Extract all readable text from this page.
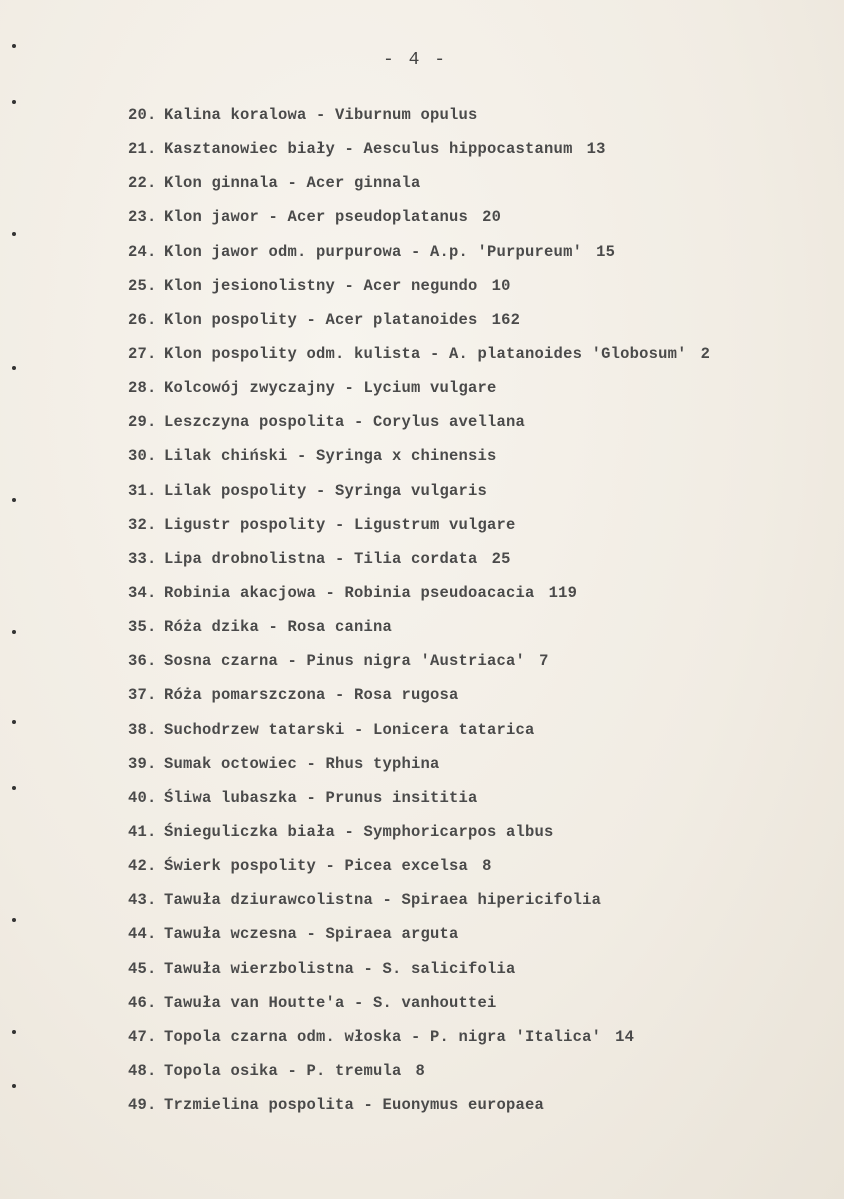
- 4 -
20. Kalina koralowa - Viburnum opulus
21. Kasztanowiec biały - Aesculus hippocastanum 13
22. Klon ginnala - Acer ginnala
23. Klon jawor - Acer pseudoplatanus 20
24. Klon jawor odm. purpurowa - A.p. 'Purpureum' 15
25. Klon jesionolistny - Acer negundo 10
26. Klon pospolity - Acer platanoides 162
27. Klon pospolity odm. kulista - A. platanoides 'Globosum' 2
28. Kolcowój zwyczajny - Lycium vulgare
29. Leszczyna pospolita - Corylus avellana
30. Lilak chiński - Syringa x chinensis
31. Lilak pospolity - Syringa vulgaris
32. Ligustr pospolity - Ligustrum vulgare
33. Lipa drobnolistna - Tilia cordata 25
34. Robinia akacjowa - Robinia pseudoacacia 119
35. Róża dzika - Rosa canina
36. Sosna czarna - Pinus nigra 'Austriaca' 7
37. Róża pomarszczona - Rosa rugosa
38. Suchodrzew tatarski - Lonicera tatarica
39. Sumak octowiec - Rhus typhina
40. Śliwa lubaszka - Prunus insititia
41. Śnieguliczka biała - Symphoricarpos albus
42. Świerk pospolity - Picea excelsa 8
43. Tawuła dziurawcolistna - Spiraea hipericifolia
44. Tawuła wczesna - Spiraea arguta
45. Tawuła wierzbolistna - S. salicifolia
46. Tawuła van Houtte'a - S. vanhouttei
47. Topola czarna odm. włoska - P. nigra 'Italica' 14
48. Topola osika - P. tremula 8
49. Trzmielina pospolita - Euonymus europaea
